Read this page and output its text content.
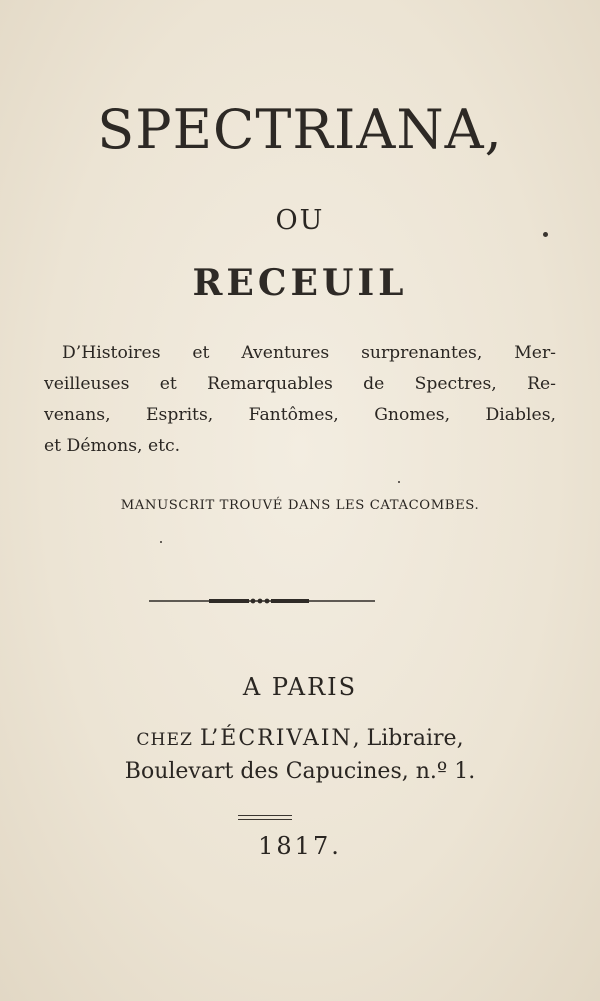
SPECTRIANA,
OU
RECEUIL
D’Histoires et Aventures surprenantes, Mer-
veilleuses et Remarquables de Spectres, Re-
venans, Esprits, Fantômes, Gnomes, Diables,
et Démons, etc.
MANUSCRIT TROUVÉ DANS LES CATACOMBES.
A PARIS
CHEZ L’ÉCRIVAIN, Libraire,
Boulevart des Capucines, n.º 1.
1817.
